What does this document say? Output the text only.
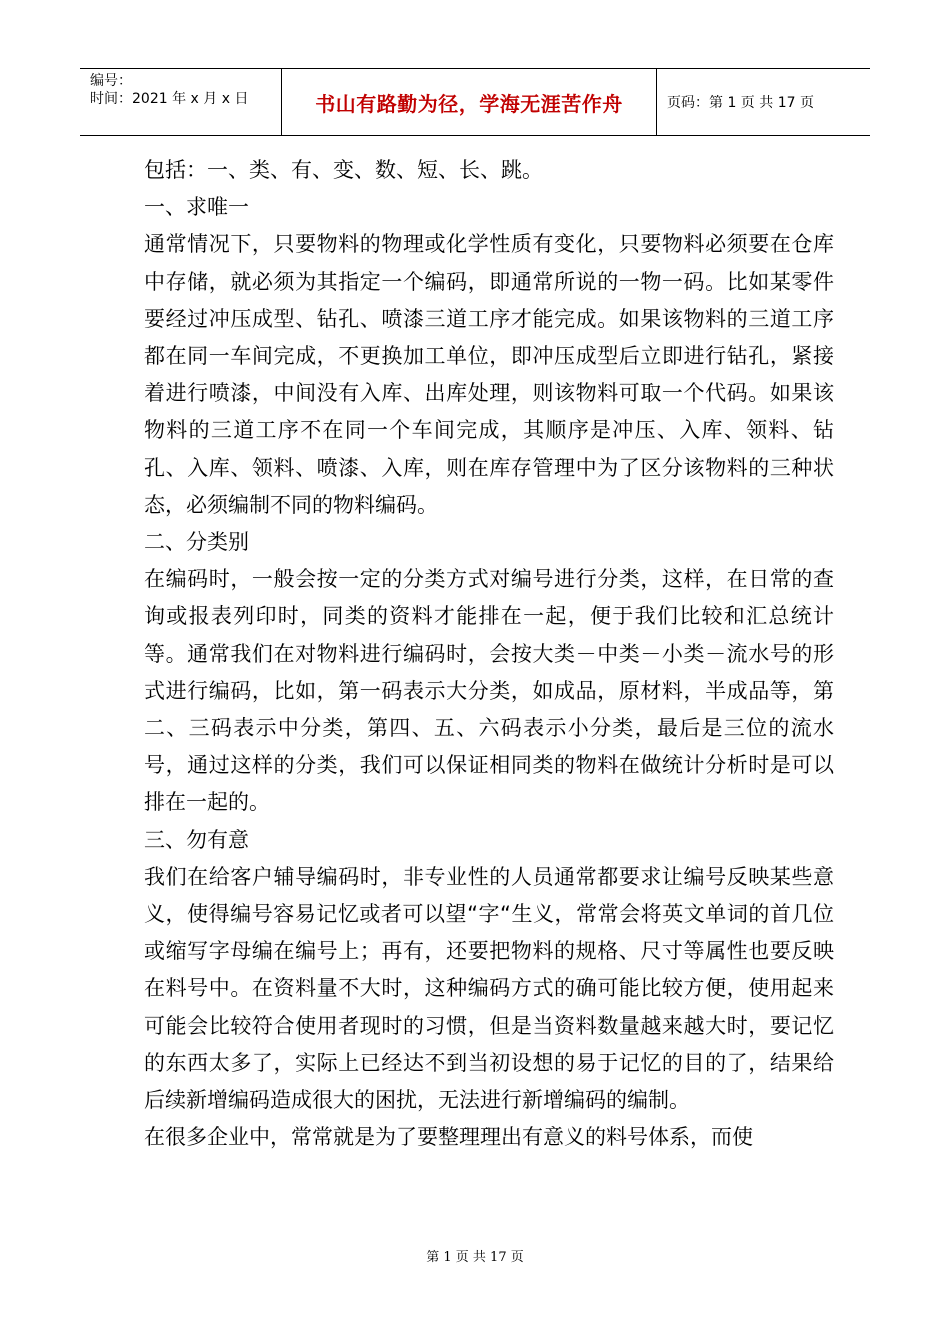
编号：
时间：2021 年 x 月 x 日	书山有路勤为径，学海无涯苦作舟	页码：第 1 页 共 17 页

包括：一、类、有、变、数、短、长、跳。

一、求唯一

通常情况下，只要物料的物理或化学性质有变化，只要物料必须要在仓库中存储，就必须为其指定一个编码，即通常所说的一物一码。比如某零件要经过冲压成型、钻孔、喷漆三道工序才能完成。如果该物料的三道工序都在同一车间完成，不更换加工单位，即冲压成型后立即进行钻孔，紧接着进行喷漆，中间没有入库、出库处理，则该物料可取一个代码。如果该物料的三道工序不在同一个车间完成，其顺序是冲压、入库、领料、钻孔、入库、领料、喷漆、入库，则在库存管理中为了区分该物料的三种状态，必须编制不同的物料编码。

二、分类别

在编码时，一般会按一定的分类方式对编号进行分类，这样，在日常的查询或报表列印时，同类的资料才能排在一起，便于我们比较和汇总统计等。通常我们在对物料进行编码时，会按大类－中类－小类－流水号的形式进行编码，比如，第一码表示大分类，如成品，原材料，半成品等，第二、三码表示中分类，第四、五、六码表示小分类，最后是三位的流水号，通过这样的分类，我们可以保证相同类的物料在做统计分析时是可以排在一起的。

三、勿有意

我们在给客户辅导编码时，非专业性的人员通常都要求让编号反映某些意义，使得编号容易记忆或者可以望“字“生义，常常会将英文单词的首几位或缩写字母编在编号上；再有，还要把物料的规格、尺寸等属性也要反映在料号中。在资料量不大时，这种编码方式的确可能比较方便，使用起来可能会比较符合使用者现时的习惯，但是当资料数量越来越大时，要记忆的东西太多了，实际上已经达不到当初设想的易于记忆的目的了，结果给后续新增编码造成很大的困扰，无法进行新增编码的编制。

在很多企业中，常常就是为了要整理理出有意义的料号体系，而使

第 1 页 共 17 页
